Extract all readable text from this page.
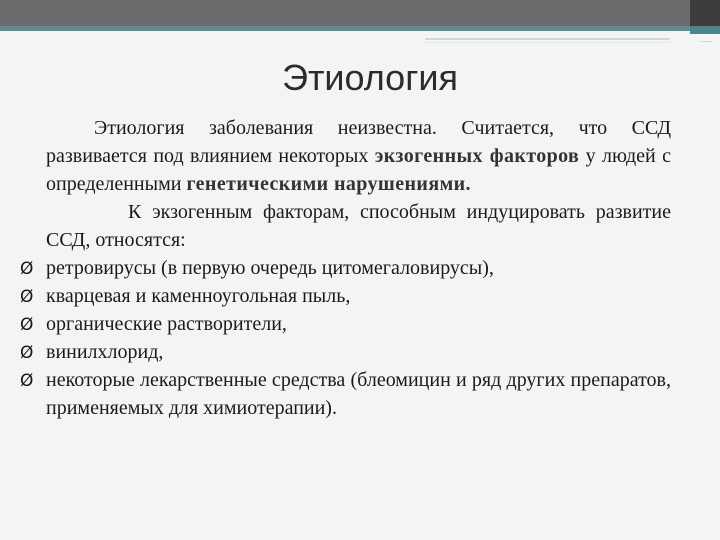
Этиология

Этиология заболевания неизвестна. Считается, что ССД развивается под влиянием некоторых экзогенных факторов у людей с определенными генетическими нарушениями.

К экзогенным факторам, способным индуцировать развитие ССД, относятся:

Ø ретровирусы (в первую очередь цитомегаловирусы),
Ø кварцевая и каменноугольная пыль,
Ø органические растворители,
Ø винилхлорид,
Ø некоторые лекарственные средства (блеомицин и ряд других препаратов, применяемых для химиотерапии).
